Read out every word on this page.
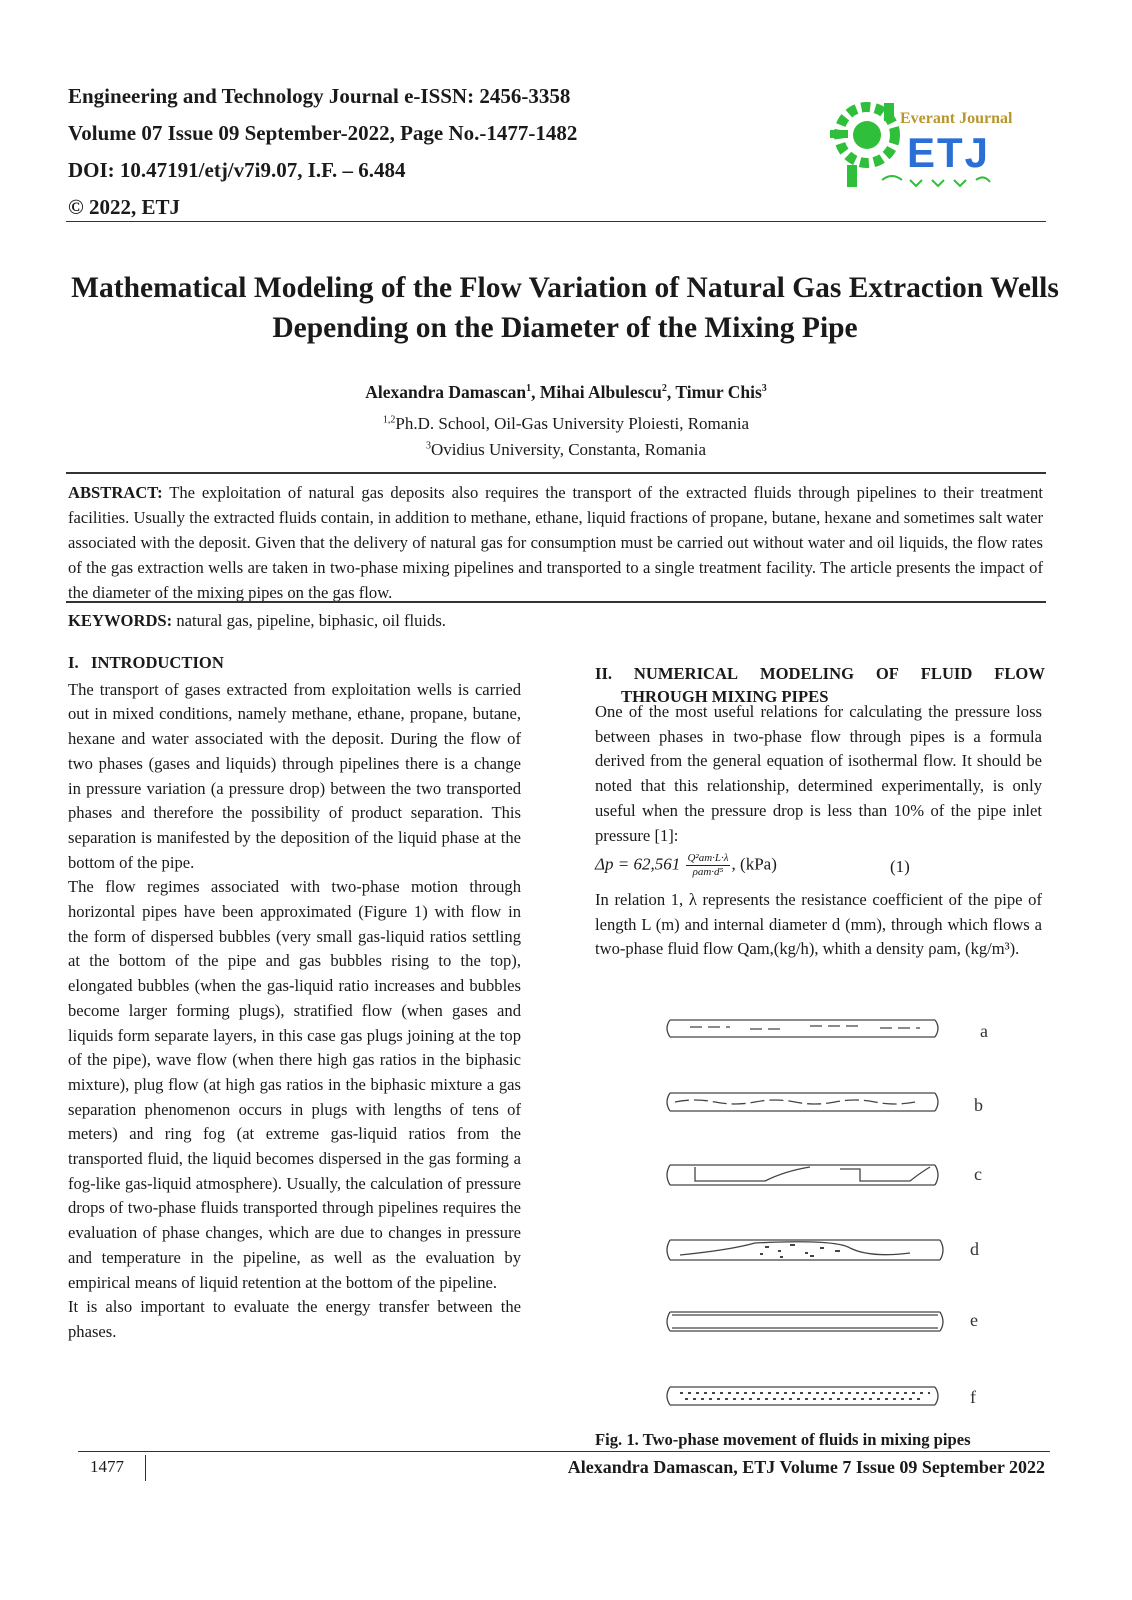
Engineering and Technology Journal e-ISSN: 2456-3358
Volume 07 Issue 09 September-2022, Page No.-1477-1482
DOI: 10.47191/etj/v7i9.07, I.F. – 6.484
© 2022, ETJ
Everant Journal
ETJ
Mathematical Modeling of the Flow Variation of Natural Gas Extraction Wells Depending on the Diameter of the Mixing Pipe
Alexandra Damascan$^1$, Mihai Albulescu$^2$, Timur Chis$^3$
$^{1,2}$Ph.D. School, Oil-Gas University Ploiesti, Romania
$^3$Ovidius University, Constanta, Romania
ABSTRACT: The exploitation of natural gas deposits also requires the transport of the extracted fluids through pipelines to their treatment facilities. Usually the extracted fluids contain, in addition to methane, ethane, liquid fractions of propane, butane, hexane and sometimes salt water associated with the deposit. Given that the delivery of natural gas for consumption must be carried out without water and oil liquids, the flow rates of the gas extraction wells are taken in two-phase mixing pipelines and transported to a single treatment facility. The article presents the impact of the diameter of the mixing pipes on the gas flow.
KEYWORDS: natural gas, pipeline, biphasic, oil fluids.

I.   INTRODUCTION

The transport of gases extracted from exploitation wells is carried out in mixed conditions, namely methane, ethane, propane, butane, hexane and water associated with the deposit. During the flow of two phases (gases and liquids) through pipelines there is a change in pressure variation (a pressure drop) between the two transported phases and therefore the possibility of product separation. This separation is manifested by the deposition of the liquid phase at the bottom of the pipe.

The flow regimes associated with two-phase motion through horizontal pipes have been approximated (Figure 1) with flow in the form of dispersed bubbles (very small gas-liquid ratios settling at the bottom of the pipe and gas bubbles rising to the top), elongated bubbles (when the gas-liquid ratio increases and bubbles become larger forming plugs), stratified flow (when gases and liquids form separate layers, in this case gas plugs joining at the top of the pipe), wave flow (when there high gas ratios in the biphasic mixture), plug flow (at high gas ratios in the biphasic mixture a gas separation phenomenon occurs in plugs with lengths of tens of meters) and ring fog (at extreme gas-liquid ratios from the transported fluid, the liquid becomes dispersed in the gas forming a fog-like gas-liquid atmosphere). Usually, the calculation of pressure drops of two-phase fluids transported through pipelines requires the evaluation of phase changes, which are due to changes in pressure and temperature in the pipeline, as well as the evaluation by empirical means of liquid retention at the bottom of the pipeline.

It is also important to evaluate the energy transfer between the phases.

II. NUMERICAL MODELING OF FLUID FLOW
THROUGH MIXING PIPES
One of the most useful relations for calculating the pressure loss between phases in two-phase flow through pipes is a formula derived from the general equation of isothermal flow. It should be noted that this relationship, determined experimentally, is only useful when the pressure drop is less than 10% of the pipe inlet pressure [1]:
$\Delta p = 62,561 \frac{\text{Q²am·L·λ}}{\text{ρam·d⁵}}$ , (kPa)	(1)
In relation 1, λ represents the resistance coefficient of the pipe of length L (m) and internal diameter d (mm), through which flows a two-phase fluid flow Qam,(kg/h), whith a density ρam, (kg/m³).
a
b
c
d
e
f
Fig. 1. Two-phase movement of fluids in mixing pipes
1477	Alexandra Damascan, ETJ Volume 7 Issue 09 September 2022
